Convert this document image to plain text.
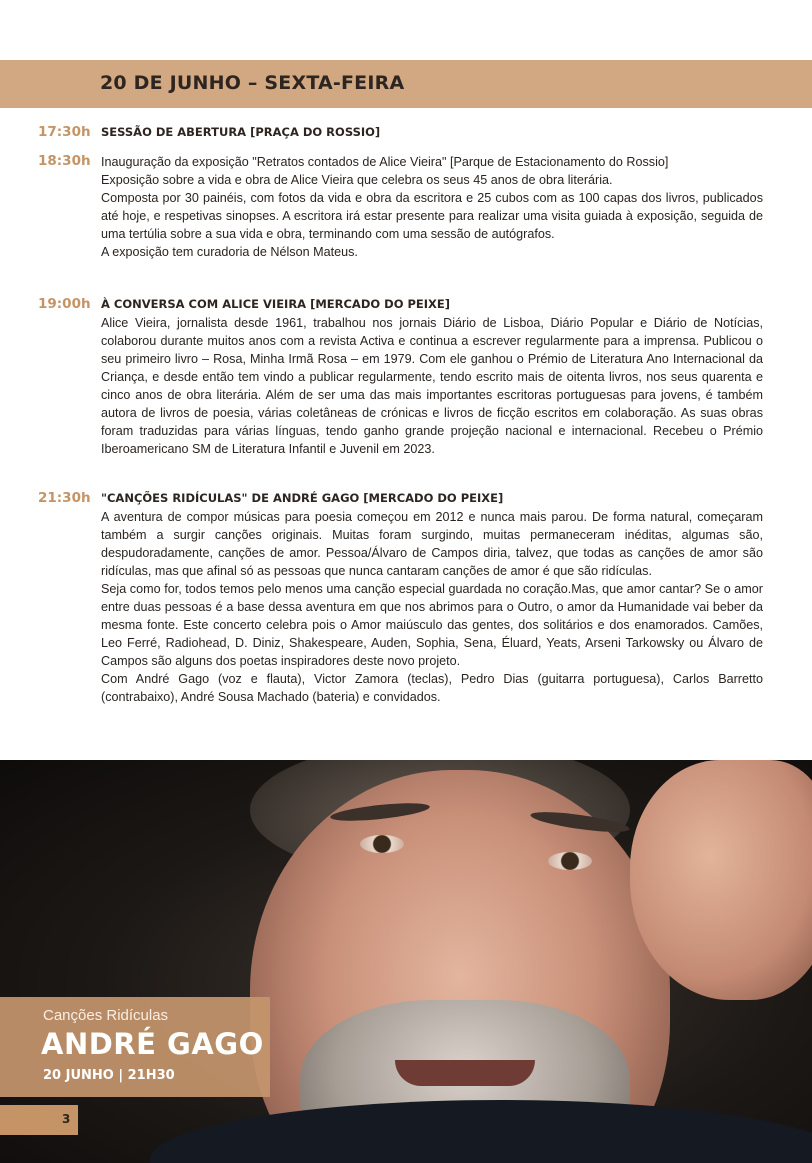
20 DE JUNHO – SEXTA-FEIRA
17:30h SESSÃO DE ABERTURA [PRAÇA DO ROSSIO]
18:30h Inauguração da exposição "Retratos contados de Alice Vieira" [Parque de Estacionamento do Rossio]

Exposição sobre a vida e obra de Alice Vieira que celebra os seus 45 anos de obra literária.

Composta por 30 painéis, com fotos da vida e obra da escritora e 25 cubos com as 100 capas dos livros, publicados até hoje, e respetivas sinopses. A escritora irá estar presente para realizar uma visita guiada à exposição, seguida de uma tertúlia sobre a sua vida e obra, terminando com uma sessão de autógrafos.

A exposição tem curadoria de Nélson Mateus.

19:00h À CONVERSA COM ALICE VIEIRA [MERCADO DO PEIXE]

Alice Vieira, jornalista desde 1961, trabalhou nos jornais Diário de Lisboa, Diário Popular e Diário de Notícias, colaborou durante muitos anos com a revista Activa e continua a escrever regularmente para a imprensa. Publicou o seu primeiro livro – Rosa, Minha Irmã Rosa – em 1979. Com ele ganhou o Prémio de Literatura Ano Internacional da Criança, e desde então tem vindo a publicar regularmente, tendo escrito mais de oitenta livros, nos seus quarenta e cinco anos de obra literária. Além de ser uma das mais importantes escritoras portuguesas para jovens, é também autora de livros de poesia, várias coletâneas de crónicas e livros de ficção escritos em colaboração. As suas obras foram traduzidas para várias línguas, tendo ganho grande projeção nacional e internacional. Recebeu o Prémio Iberoamericano SM de Literatura Infantil e Juvenil em 2023.

21:30h "CANÇÕES RIDÍCULAS" DE ANDRÉ GAGO [MERCADO DO PEIXE]

A aventura de compor músicas para poesia começou em 2012 e nunca mais parou. De forma natural, começaram também a surgir canções originais. Muitas foram surgindo, muitas permaneceram inéditas, algumas são, despudoradamente, canções de amor. Pessoa/Álvaro de Campos diria, talvez, que todas as canções de amor são ridículas, mas que afinal só as pessoas que nunca cantaram canções de amor é que são ridículas.

Seja como for, todos temos pelo menos uma canção especial guardada no coração.Mas, que amor cantar? Se o amor entre duas pessoas é a base dessa aventura em que nos abrimos para o Outro, o amor da Humanidade vai beber da mesma fonte. Este concerto celebra pois o Amor maiúsculo das gentes, dos solitários e dos enamorados. Camões, Leo Ferré, Radiohead, D. Diniz, Shakespeare, Auden, Sophia, Sena, Éluard, Yeats, Arseni Tarkowsky ou Álvaro de Campos são alguns dos poetas inspiradores deste novo projeto.

Com André Gago (voz e flauta), Victor Zamora (teclas), Pedro Dias (guitarra portuguesa), Carlos Barretto (contrabaixo), André Sousa Machado (bateria) e convidados.

Canções Ridículas
ANDRÉ GAGO
20 JUNHO | 21H30
3
